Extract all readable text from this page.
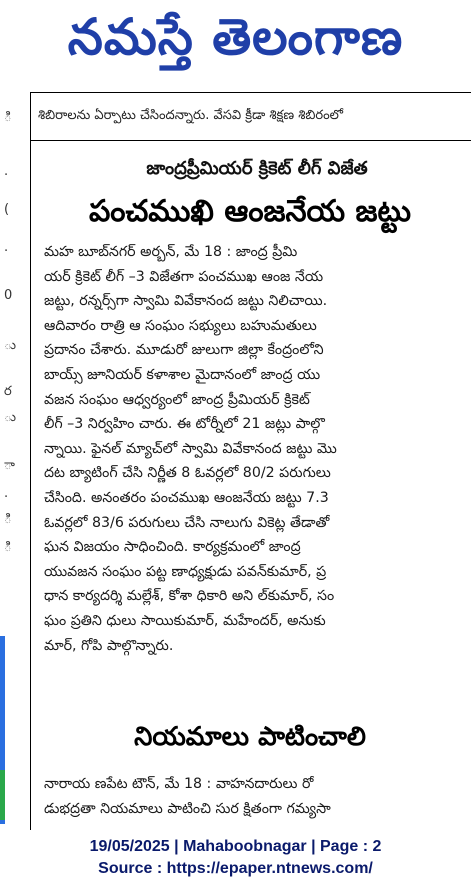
నమస్తే తెలంగాణ
ి
.
(
.
0
ు
ర
ు
ా
.
ి
ి
శిబిరాలను ఏర్పాటు చేసిందన్నారు. వేసవి క్రీడా శిక్షణ శిబిరంలో
జాంద్రప్రీమియర్ క్రికెట్ లీగ్ విజేత
పంచముఖి ఆంజనేయ జట్టు
మహ బూబ్‌నగర్ అర్బన్, మే 18 : జాంద్ర ప్రీమి
యర్ క్రికెట్ లీగ్ –3 విజేతగా పంచముఖ ఆంజ నేయ
జట్టు, రన్నర్స్‌గా స్వామి వివేకానంద జట్టు నిలిచాయి.
ఆదివారం రాత్రి ఆ సంఘం సభ్యులు బహుమతులు
ప్రదానం చేశారు. మూడురో జులుగా జిల్లా కేంద్రంలోని
బాయ్స్ జూనియర్ కళాశాల మైదానంలో జాంద్ర యు
వజన సంఘం ఆధ్వర్యంలో జాంద్ర ప్రీమియర్ క్రికెట్
లీగ్ –3 నిర్వహిం చారు. ఈ టోర్నీలో 21 జట్లు పాల్గొ
న్నాయి. ఫైనల్ మ్యాచ్‌లో స్వామి వివేకానంద జట్టు మొ
దట బ్యాటింగ్ చేసి నిర్ణీత 8 ఓవర్లలో 80/2 పరుగులు
చేసింది. అనంతరం పంచముఖ ఆంజనేయ జట్టు 7.3
ఓవర్లలో 83/6 పరుగులు చేసి నాలుగు వికెట్ల తేడాతో
ఘన విజయం సాధించింది. కార్యక్రమంలో జాంద్ర
యువజన సంఘం పట్ట ణాధ్యక్షుడు పవన్‌కుమార్, ప్ర
ధాన కార్యదర్శి మల్లేశ్, కోశా ధికారి అని ల్‌కుమార్, సం
ఘం ప్రతిని ధులు సాయికుమార్, మహేందర్, అనుకు
మార్, గోపి పాల్గొన్నారు.
నియమాలు పాటించాలి
నారాయ ణపేట టౌన్, మే 18 : వాహనదారులు రో
డుభద్రతా నియమాలు పాటించి సుర క్షితంగా గమ్యసా
19/05/2025 | Mahaboobnagar | Page : 2
Source : https://epaper.ntnews.com/
